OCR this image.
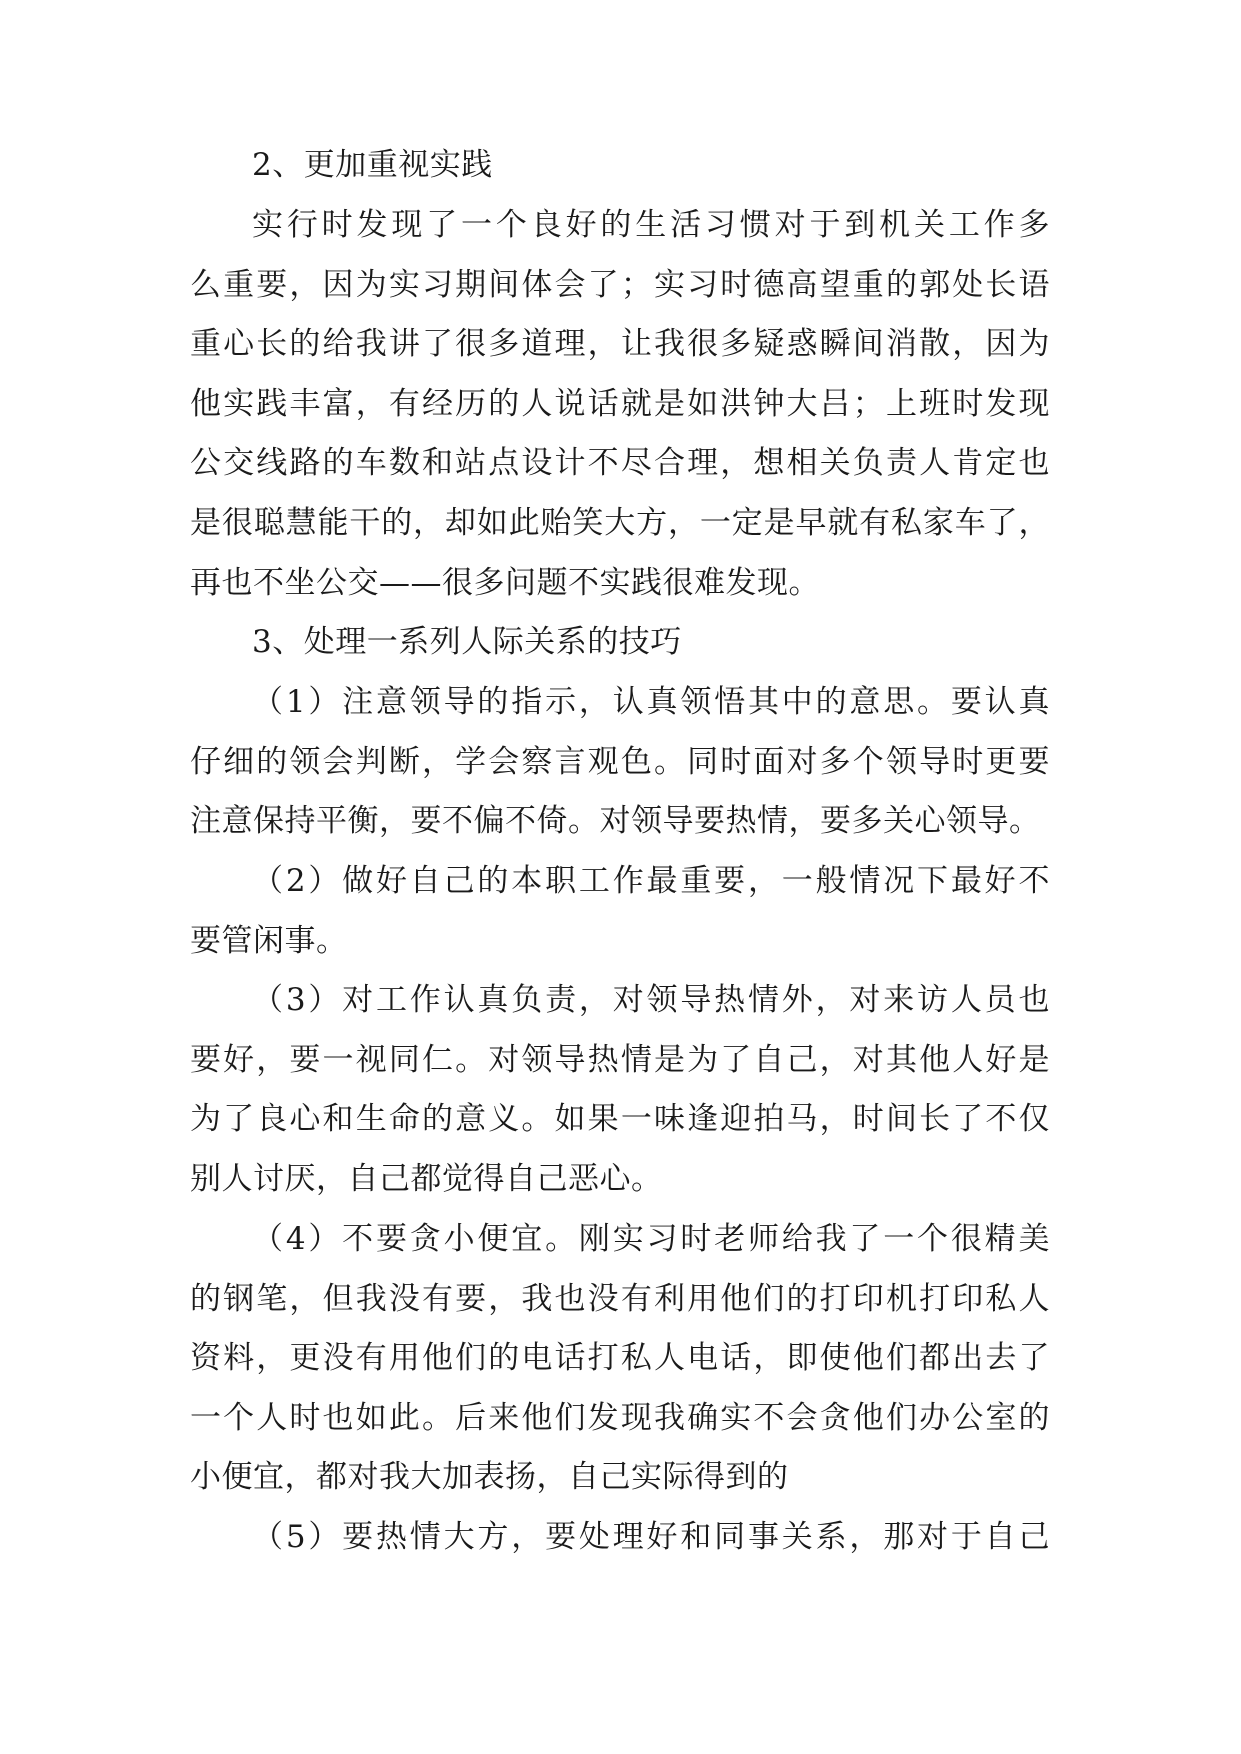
2、更加重视实践
实行时发现了一个良好的生活习惯对于到机关工作多
么重要，因为实习期间体会了；实习时德高望重的郭处长语
重心长的给我讲了很多道理，让我很多疑惑瞬间消散，因为
他实践丰富，有经历的人说话就是如洪钟大吕；上班时发现
公交线路的车数和站点设计不尽合理，想相关负责人肯定也
是很聪慧能干的，却如此贻笑大方，一定是早就有私家车了，
再也不坐公交——很多问题不实践很难发现。
3、处理一系列人际关系的技巧
（1）注意领导的指示，认真领悟其中的意思。要认真
仔细的领会判断，学会察言观色。同时面对多个领导时更要
注意保持平衡，要不偏不倚。对领导要热情，要多关心领导。
（2）做好自己的本职工作最重要，一般情况下最好不
要管闲事。
（3）对工作认真负责，对领导热情外，对来访人员也
要好，要一视同仁。对领导热情是为了自己，对其他人好是
为了良心和生命的意义。如果一味逢迎拍马，时间长了不仅
别人讨厌，自己都觉得自己恶心。
（4）不要贪小便宜。刚实习时老师给我了一个很精美
的钢笔，但我没有要，我也没有利用他们的打印机打印私人
资料，更没有用他们的电话打私人电话，即使他们都出去了
一个人时也如此。后来他们发现我确实不会贪他们办公室的
小便宜，都对我大加表扬，自己实际得到的
（5）要热情大方，要处理好和同事关系，那对于自己
